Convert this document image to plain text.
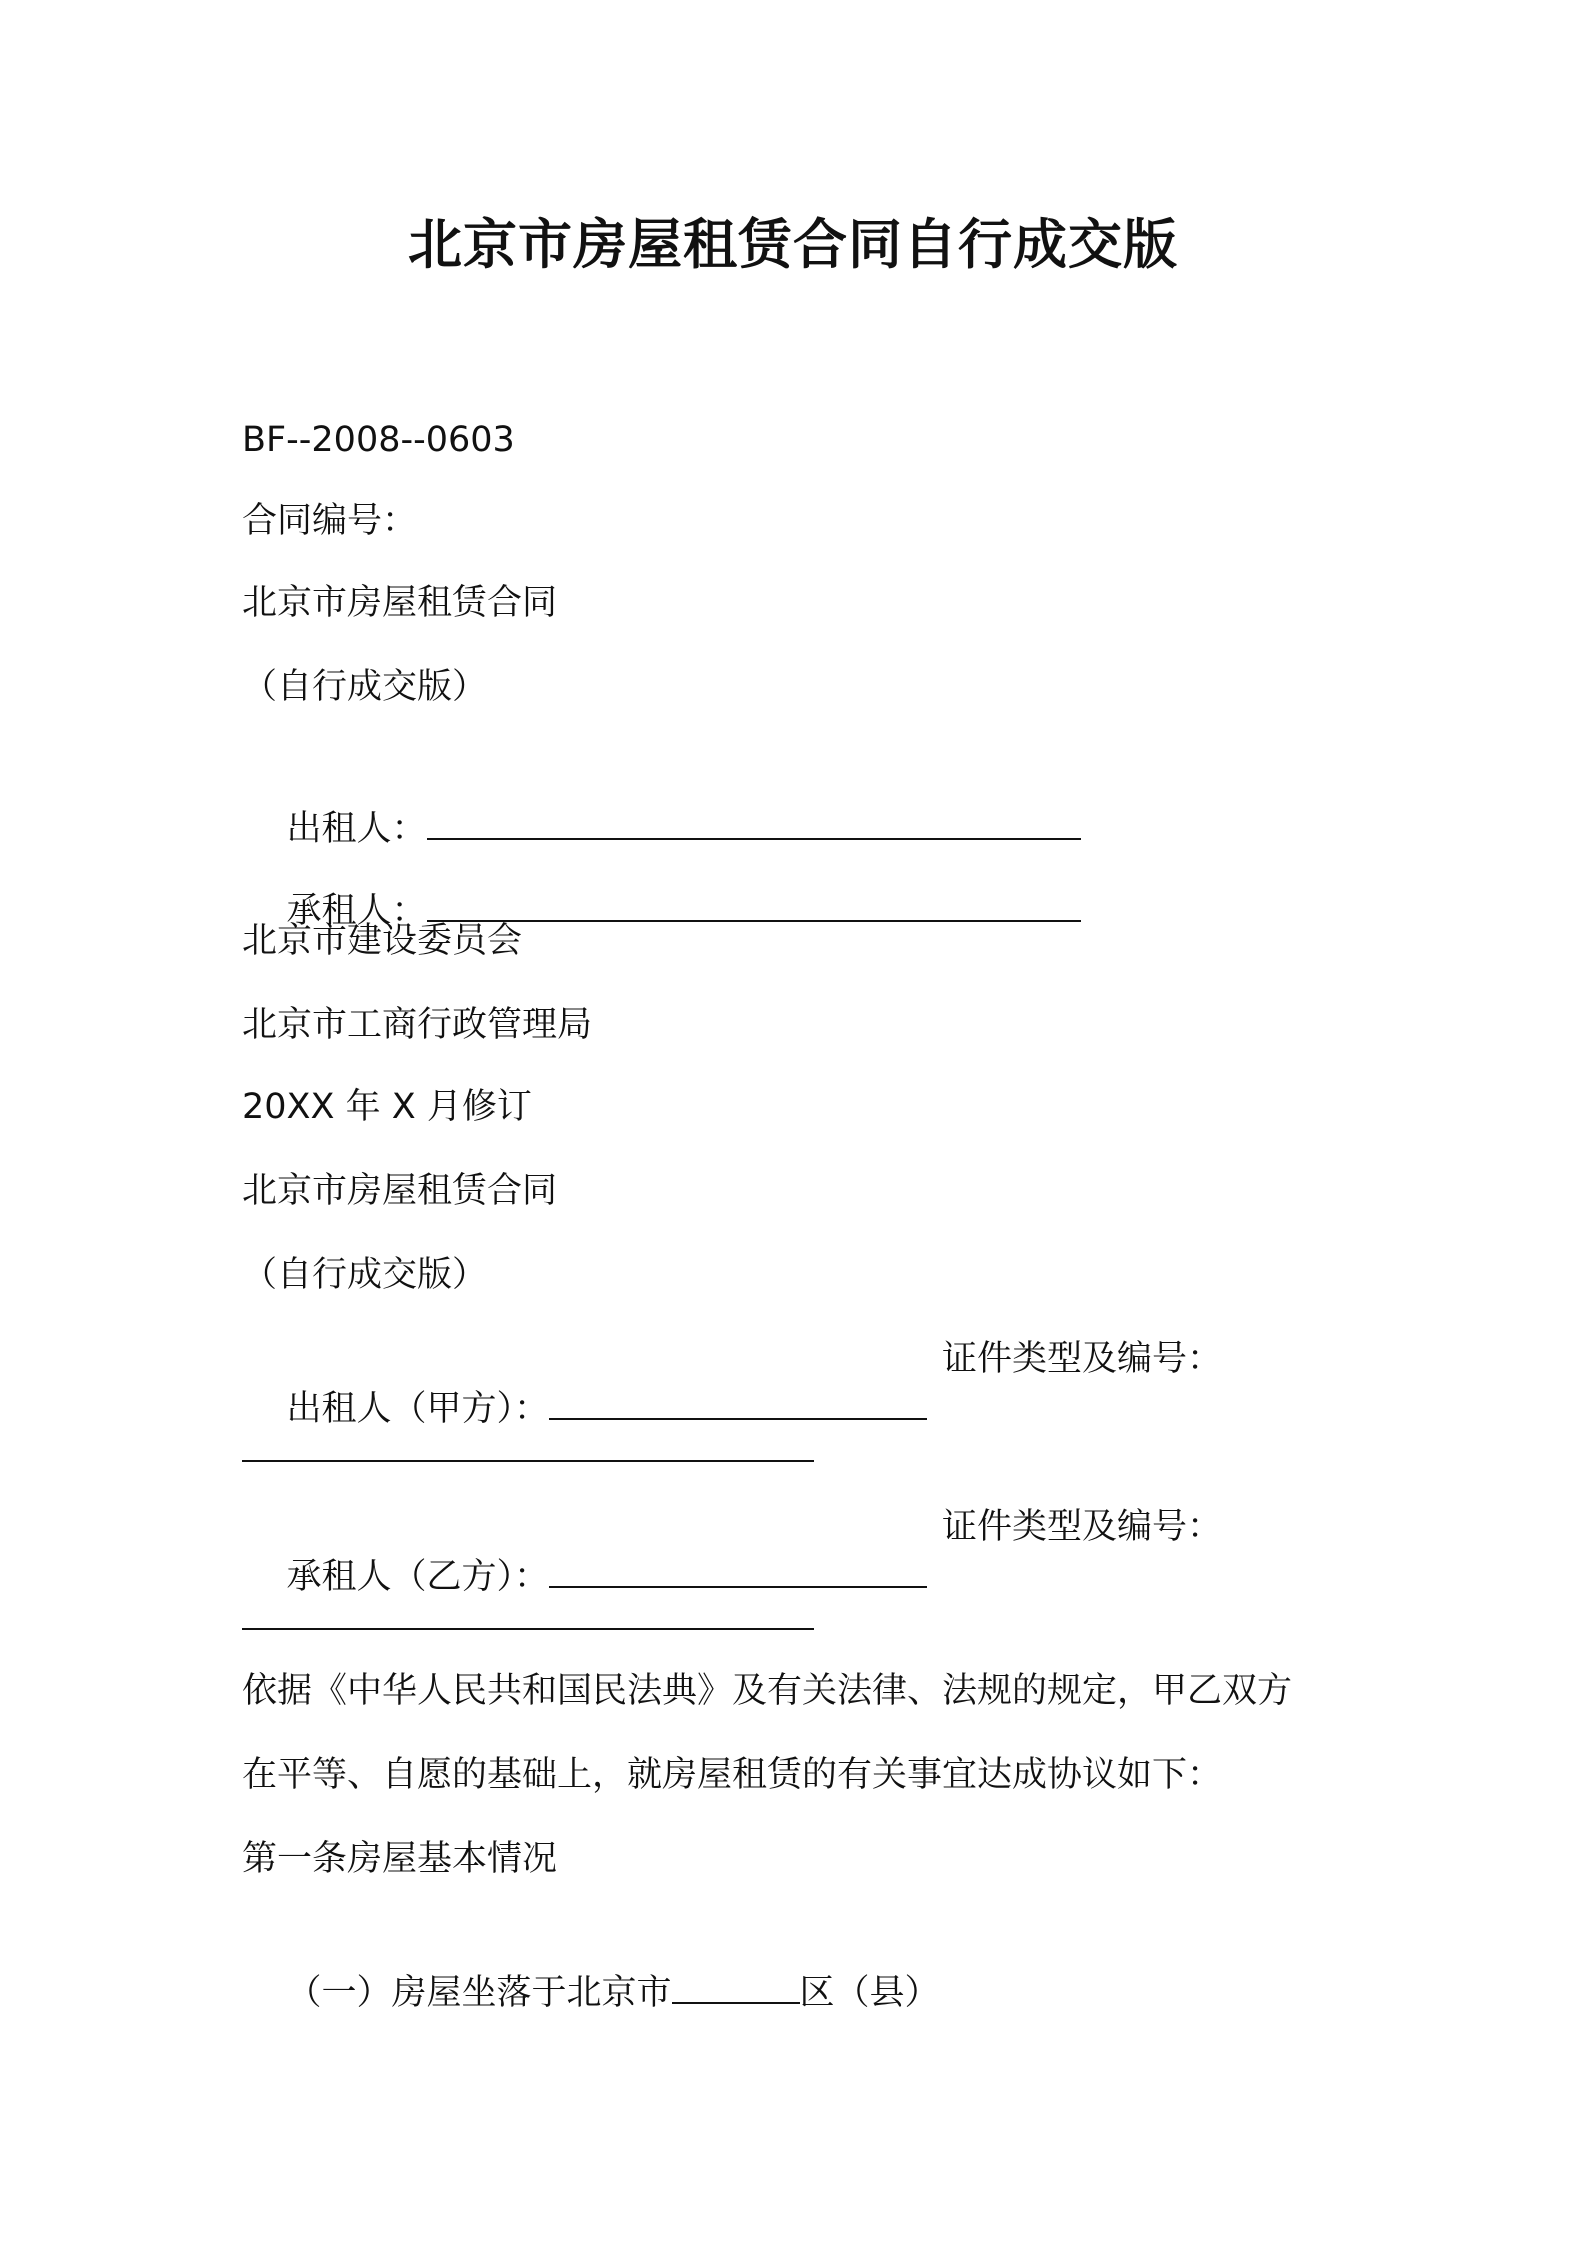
北京市房屋租赁合同自行成交版
BF--2008--0603
合同编号：
北京市房屋租赁合同
（自行成交版）

出租人：

承租人：

北京市建设委员会
北京市工商行政管理局
20XX 年 X 月修订
北京市房屋租赁合同
（自行成交版）

出租人（甲方）：

证件类型及编号：

承租人（乙方）：

证件类型及编号：
依据《中华人民共和国民法典》及有关法律、法规的规定，甲乙双方
在平等、自愿的基础上，就房屋租赁的有关事宜达成协议如下：
第一条房屋基本情况

（一）房屋坐落于北京市	区（县）
